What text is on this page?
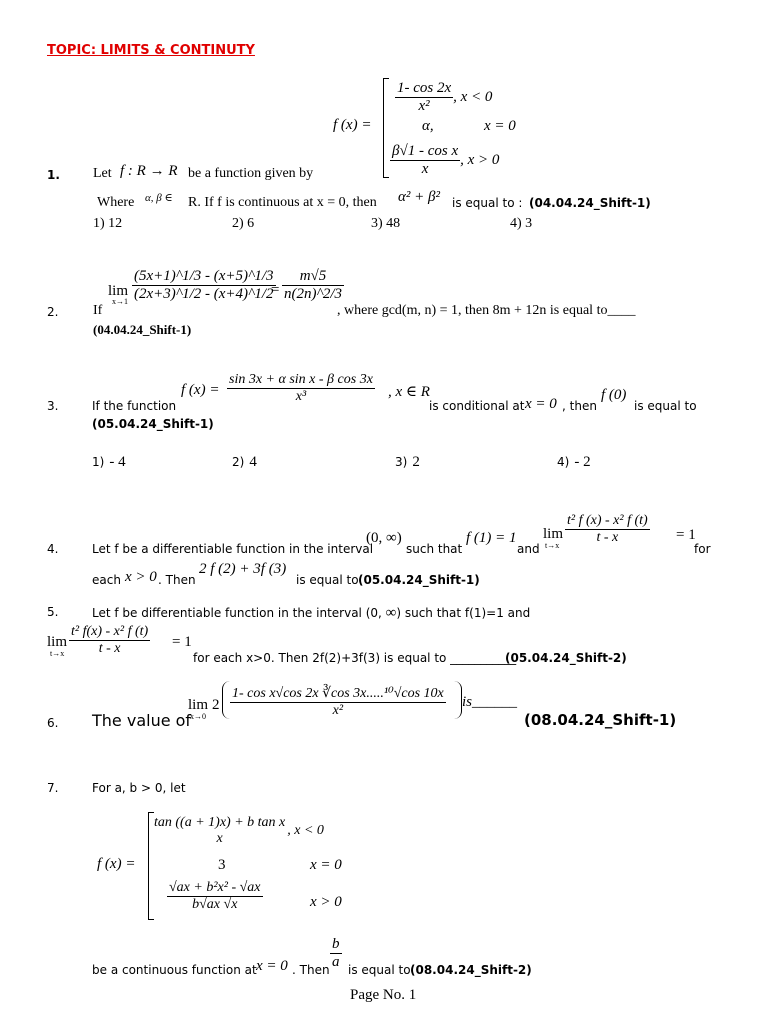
TOPIC: LIMITS & CONTINUTY
f (x) =
$\frac{1- \cos 2x}{\text{x²}}$ , x < 0
α,	x = 0
$\frac{\text{β√1 - cos x}}{x}$ , x > 0
1. Let f : R → R be a function given by
Where α, β ∈ R. If f is continuous at x = 0, then α² + β² is equal to : (04.04.24_Shift-1)
1) 12	2) 6	3) 48	4) 3
lim
$x\to 1 \frac{(5x+1)\^{}1/3 - (x+5)\^{}1/3}{(2x+3)\^{}1/2 - (x+4)\^{}1/2}$
= $\frac{m√5}{n(2n)\^{}2/3}$
2. If	, where gcd(m, n) = 1, then 8m + 12n is equal to____
(04.04.24_Shift-1)
f $(x) = \frac{\text{sin 3x + α sin x - β cos 3x}}{\text{x³}}$ , x ∈ R
3.	If the function	is conditional at x = 0 , then
f (0)
is equal to
(05.04.24_Shift-1)
1) - 4	2) 4	3) 2	4) - 2
4.	Let f be a differentiable function in the interval
(0, ∞)
such that
f (1) = 1
and
lim
$t\to x \frac{\text{t² f (x) - x² f (t)}}{t - x} = 1$
for
each x > 0 . Then
2 f (2) + 3f (3)
is equal to (05.04.24_Shift-1)
5.	Let f be differentiable function in the interval (0, ∞) such that f(1)=1 and
lim
$t\to x \frac{\text{t² f(x) - x² f (t)}}{t - x} = 1$
for each x>0. Then 2f(2)+3f(3) is equal to ___________
(05.04.24_Shift-2)
lim
x→0
$2 \frac{\text{1- cos x√cos 2x ∛cos 3x.....¹⁰√cos 10x}}{\text{x²}}$ is______
6. The value of	(08.04.24_Shift-1)
7.	For a, b > 0, let
f (x) =
tan ((a + 1)x) + b tan x
x
, x < 0
3	x = 0
$\frac{\text{√ax + b²x² - √ax}}{b√ax √x}$	x > 0
be a continuous function at x = 0 . Then $\frac{b}{a}$ is equal to (08.04.24_Shift-2)
Page No. 1
